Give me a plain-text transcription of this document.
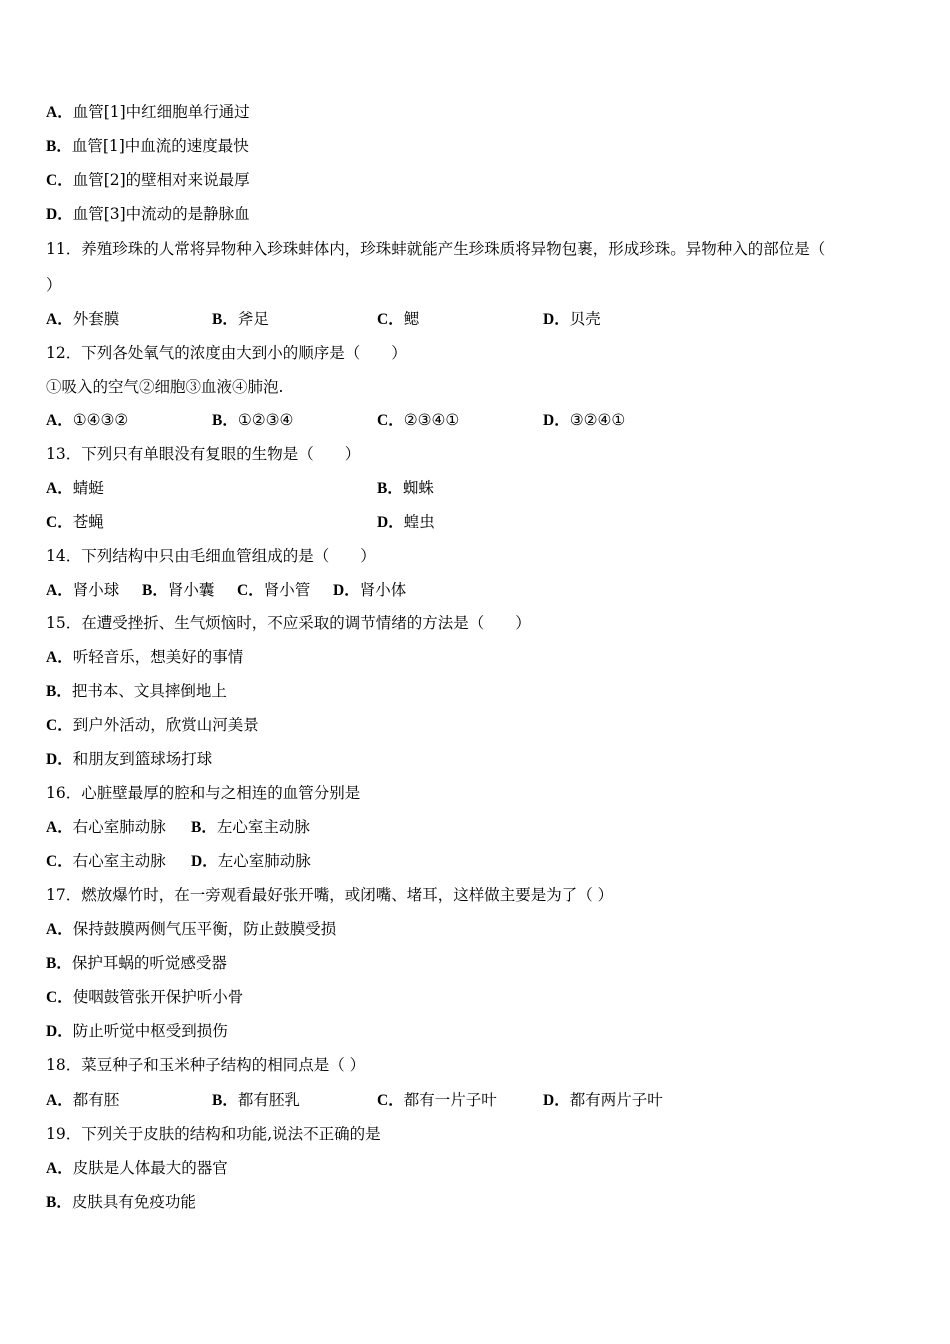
A．血管[1]中红细胞单行通过
B．血管[1]中血流的速度最快
C．血管[2]的壁相对来说最厚
D．血管[3]中流动的是静脉血
11．养殖珍珠的人常将异物种入珍珠蚌体内，珍珠蚌就能产生珍珠质将异物包裹，形成珍珠。异物种入的部位是（
）
A．外套膜	B．斧足	C．鳃	D．贝壳
12．下列各处氧气的浓度由大到小的顺序是（　　）
①吸入的空气②细胞③血液④肺泡.
A．①④③②	B．①②③④	C．②③④①	D．③②④①
13．下列只有单眼没有复眼的生物是（　　）
A．蜻蜓	B．蜘蛛
C．苍蝇	D．蝗虫
14．下列结构中只由毛细血管组成的是（　　）
A．肾小球 B．肾小囊 C．肾小管 D．肾小体
15．在遭受挫折、生气烦恼时，不应采取的调节情绪的方法是（　　）
A．听轻音乐，想美好的事情
B．把书本、文具摔倒地上
C．到户外活动，欣赏山河美景
D．和朋友到篮球场打球
16．心脏壁最厚的腔和与之相连的血管分别是
A．右心室肺动脉 B．左心室主动脉
C．右心室主动脉 D．左心室肺动脉
17．燃放爆竹时，在一旁观看最好张开嘴，或闭嘴、堵耳，这样做主要是为了（ ）
A．保持鼓膜两侧气压平衡，防止鼓膜受损
B．保护耳蜗的听觉感受器
C．使咽鼓管张开保护听小骨
D．防止听觉中枢受到损伤
18．菜豆种子和玉米种子结构的相同点是（ ）
A．都有胚	B．都有胚乳	C．都有一片子叶	D．都有两片子叶
19．下列关于皮肤的结构和功能,说法不正确的是
A．皮肤是人体最大的器官
B．皮肤具有免疫功能
